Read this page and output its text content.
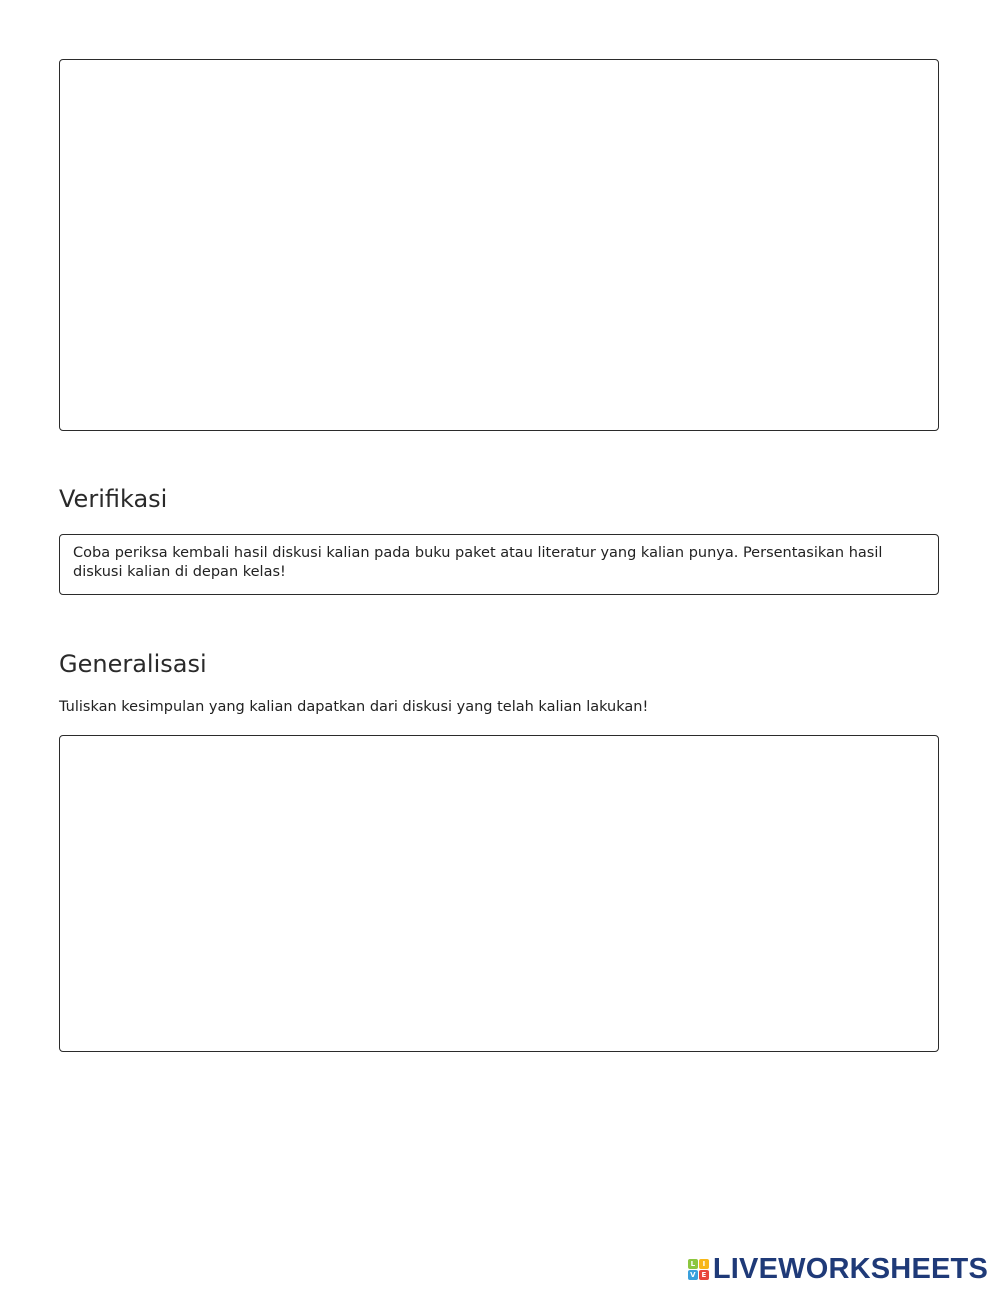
Verifikasi
Coba periksa kembali hasil diskusi kalian pada buku paket atau literatur yang kalian punya. Persentasikan hasil diskusi kalian di depan kelas!
Generalisasi
Tuliskan kesimpulan yang kalian dapatkan dari diskusi yang telah kalian lakukan!
L	I
V E LIVEWORKSHEETS
